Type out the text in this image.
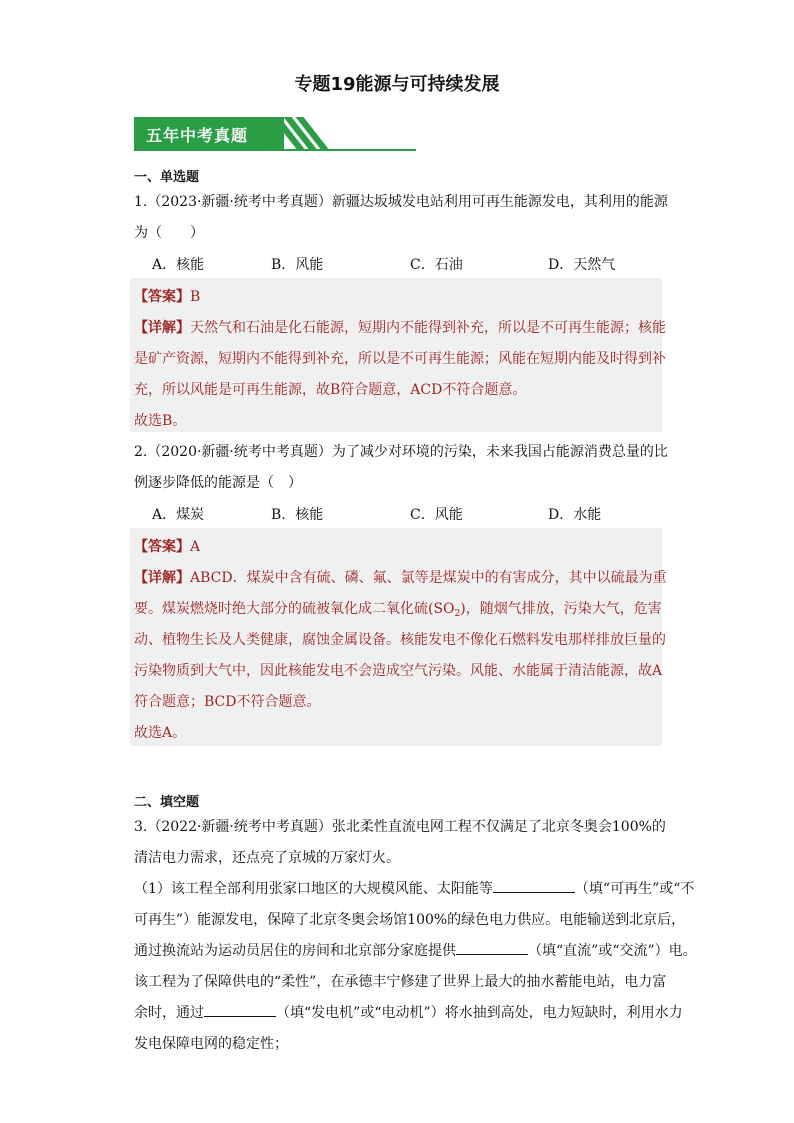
专题19能源与可持续发展
五年中考真题
一、单选题
1.（2023·新疆·统考中考真题）新疆达坂城发电站利用可再生能源发电，其利用的能源
为（　　）
A．核能	B．风能	C．石油	D．天然气
【答案】B
【详解】天然气和石油是化石能源，短期内不能得到补充，所以是不可再生能源；核能
是矿产资源，短期内不能得到补充，所以是不可再生能源；风能在短期内能及时得到补
充，所以风能是可再生能源，故B符合题意，ACD不符合题意。
故选B。
2.（2020·新疆·统考中考真题）为了减少对环境的污染，未来我国占能源消费总量的比
例逐步降低的能源是（　）
A．煤炭	B．核能	C．风能	D．水能
【答案】A
【详解】ABCD．煤炭中含有硫、磷、氟、氯等是煤炭中的有害成分，其中以硫最为重
要。煤炭燃烧时绝大部分的硫被氧化成二氧化硫$(SO_2)$，随烟气排放，污染大气，危害
动、植物生长及人类健康，腐蚀金属设备。核能发电不像化石燃料发电那样排放巨量的
污染物质到大气中，因此核能发电不会造成空气污染。风能、水能属于清洁能源，故A
符合题意；BCD不符合题意。
故选A。
二、填空题
3.（2022·新疆·统考中考真题）张北柔性直流电网工程不仅满足了北京冬奥会100%的
清洁电力需求，还点亮了京城的万家灯火。
（1）该工程全部利用张家口地区的大规模风能、太阳能等	（填“可再生”或“不
可再生”）能源发电，保障了北京冬奥会场馆100%的绿色电力供应。电能输送到北京后，
通过换流站为运动员居住的房间和北京部分家庭提供	（填“直流”或“交流”）电。
该工程为了保障供电的“柔性”，在承德丰宁修建了世界上最大的抽水蓄能电站，电力富
余时，通过	（填“发电机”或“电动机”）将水抽到高处，电力短缺时，利用水力
发电保障电网的稳定性；
